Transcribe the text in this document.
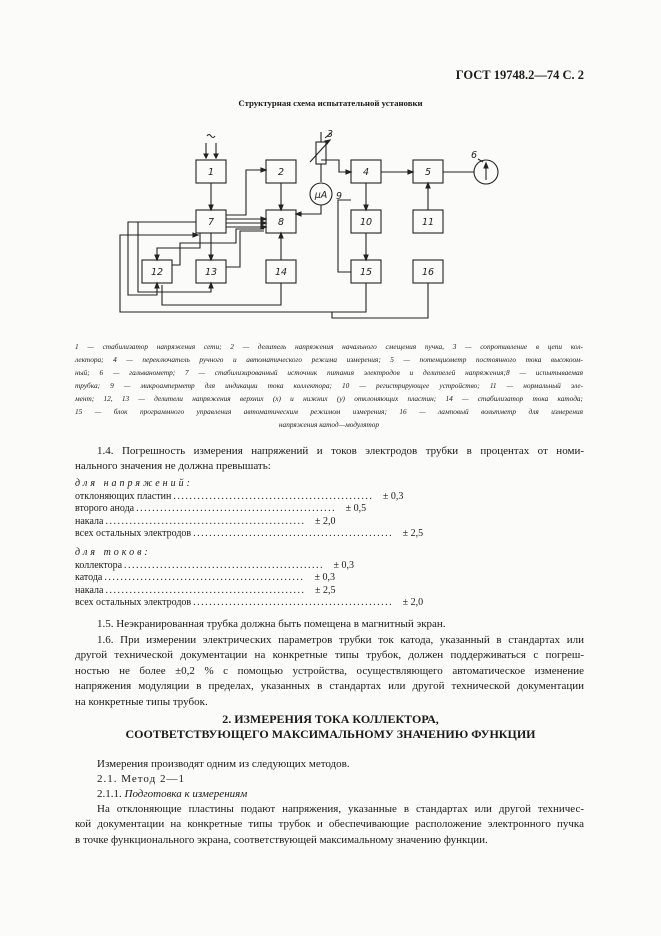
ГОСТ 19748.2—74 С. 2
Структурная схема испытательной установки
1	2	4	5
7	8	10	11
12	13	14	15	16
3
μA 9
6
1 — стабилизатор напряжения сети; 2 — делитель напряжения начального смещения пучка, 3 — сопротивление в цепи кол-
лектора; 4 — переключатель ручного и автоматического режима измерения; 5 — потенциометр постоянного тока высокоом-
ный; 6 — гальванометр; 7 — стабилизированный источник питания электродов и делителей напряжения;8 — испытываемая
трубка; 9 — микроамперметр для индикации тока коллектора; 10 — регистрирующее устройство; 11 — нормальный эле-
мент; 12, 13 — делители напряжения верхних (x) и нижних (y) отклоняющих пластин; 14 — стабилизатор тока катода;
15 — блок программного управления автоматическим режимом измерения; 16 — ламповый вольтметр для измерения
напряжения катод—модулятор
1.4. Погрешность измерения напряжений и токов электродов трубки в процентах от номи-
нального значения не должна превышать:
для напряжений:
отклоняющих пластин .................................................. ± 0,3
второго анода .................................................. ± 0,5
накала .................................................. ± 2,0
всех остальных электродов .................................................. ± 2,5
для токов:
коллектора .................................................. ± 0,3
катода ..................................................	± 0,3
накала .................................................. ± 2,5
всех остальных электродов .................................................. ± 2,0
1.5. Неэкранированная трубка должна быть помещена в магнитный экран.
1.6. При измерении электрических параметров трубки ток катода, указанный в стандартах или
другой технической документации на конкретные типы трубок, должен поддерживаться с погреш-
ностью не более ±0,2 % с помощью устройства, осуществляющего автоматическое изменение
напряжения модуляции в пределах, указанных в стандартах или другой технической документации
на конкретные типы трубок.
2. ИЗМЕРЕНИЯ ТОКА КОЛЛЕКТОРА,
СООТВЕТСТВУЮЩЕГО МАКСИМАЛЬНОМУ ЗНАЧЕНИЮ ФУНКЦИИ
Измерения производят одним из следующих методов.
2.1. Метод 2—1
2.1.1. Подготовка к измерениям
На отклоняющие пластины подают напряжения, указанные в стандартах или другой техничес-
кой документации на конкретные типы трубок и обеспечивающие расположение электронного пучка
в точке функционального экрана, соответствующей максимальному значению функции.
